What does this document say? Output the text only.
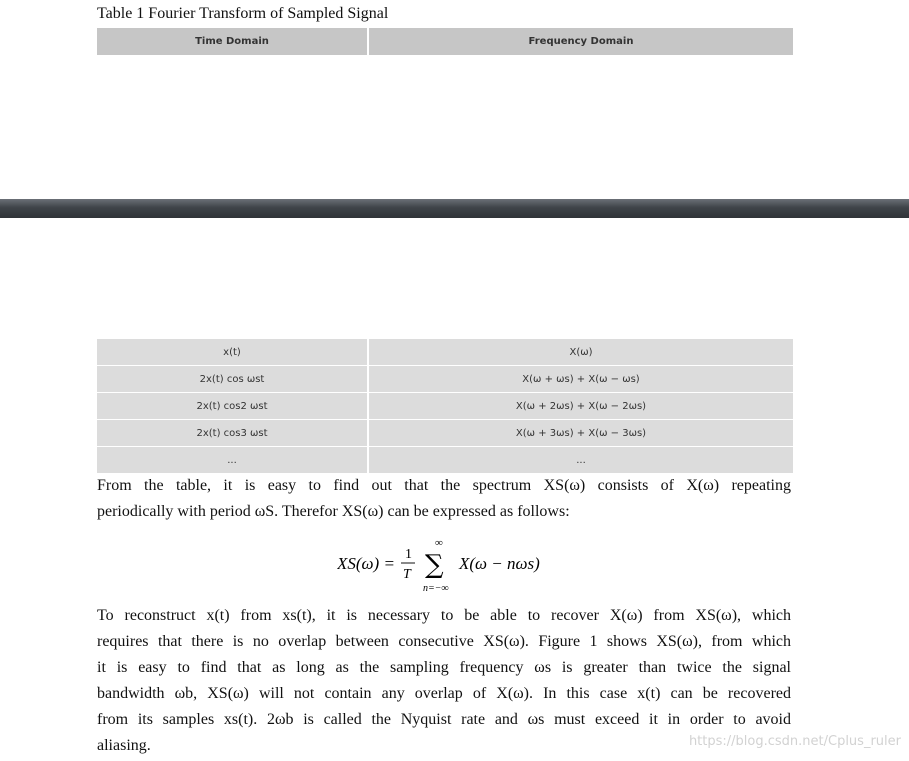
Table 1 Fourier Transform of Sampled Signal
Time Domain	Frequency Domain
x(t)	X(ω)
2x(t) cos ωst	X(ω + ωs) + X(ω − ωs)
2x(t) cos2 ωst	X(ω + 2ωs) + X(ω − 2ωs)
2x(t) cos3 ωst	X(ω + 3ωs) + X(ω − 3ωs)
...	...
From the table, it is easy to find out that the spectrum XS(ω) consists of X(ω) repeating
periodically with period ωS. Therefor XS(ω) can be expressed as follows:
XS(ω) = 1
T
∞
∑
n=−∞
X(ω − nωs)
To reconstruct x(t) from xs(t), it is necessary to be able to recover X(ω) from XS(ω), which
requires that there is no overlap between consecutive XS(ω). Figure 1 shows XS(ω), from which
it is easy to find that as long as the sampling frequency ωs is greater than twice the signal
bandwidth ωb, XS(ω) will not contain any overlap of X(ω). In this case x(t) can be recovered
from its samples xs(t). 2ωb is called the Nyquist rate and ωs must exceed it in order to avoid
aliasing.	https://blog.csdn.net/Cplus_ruler
